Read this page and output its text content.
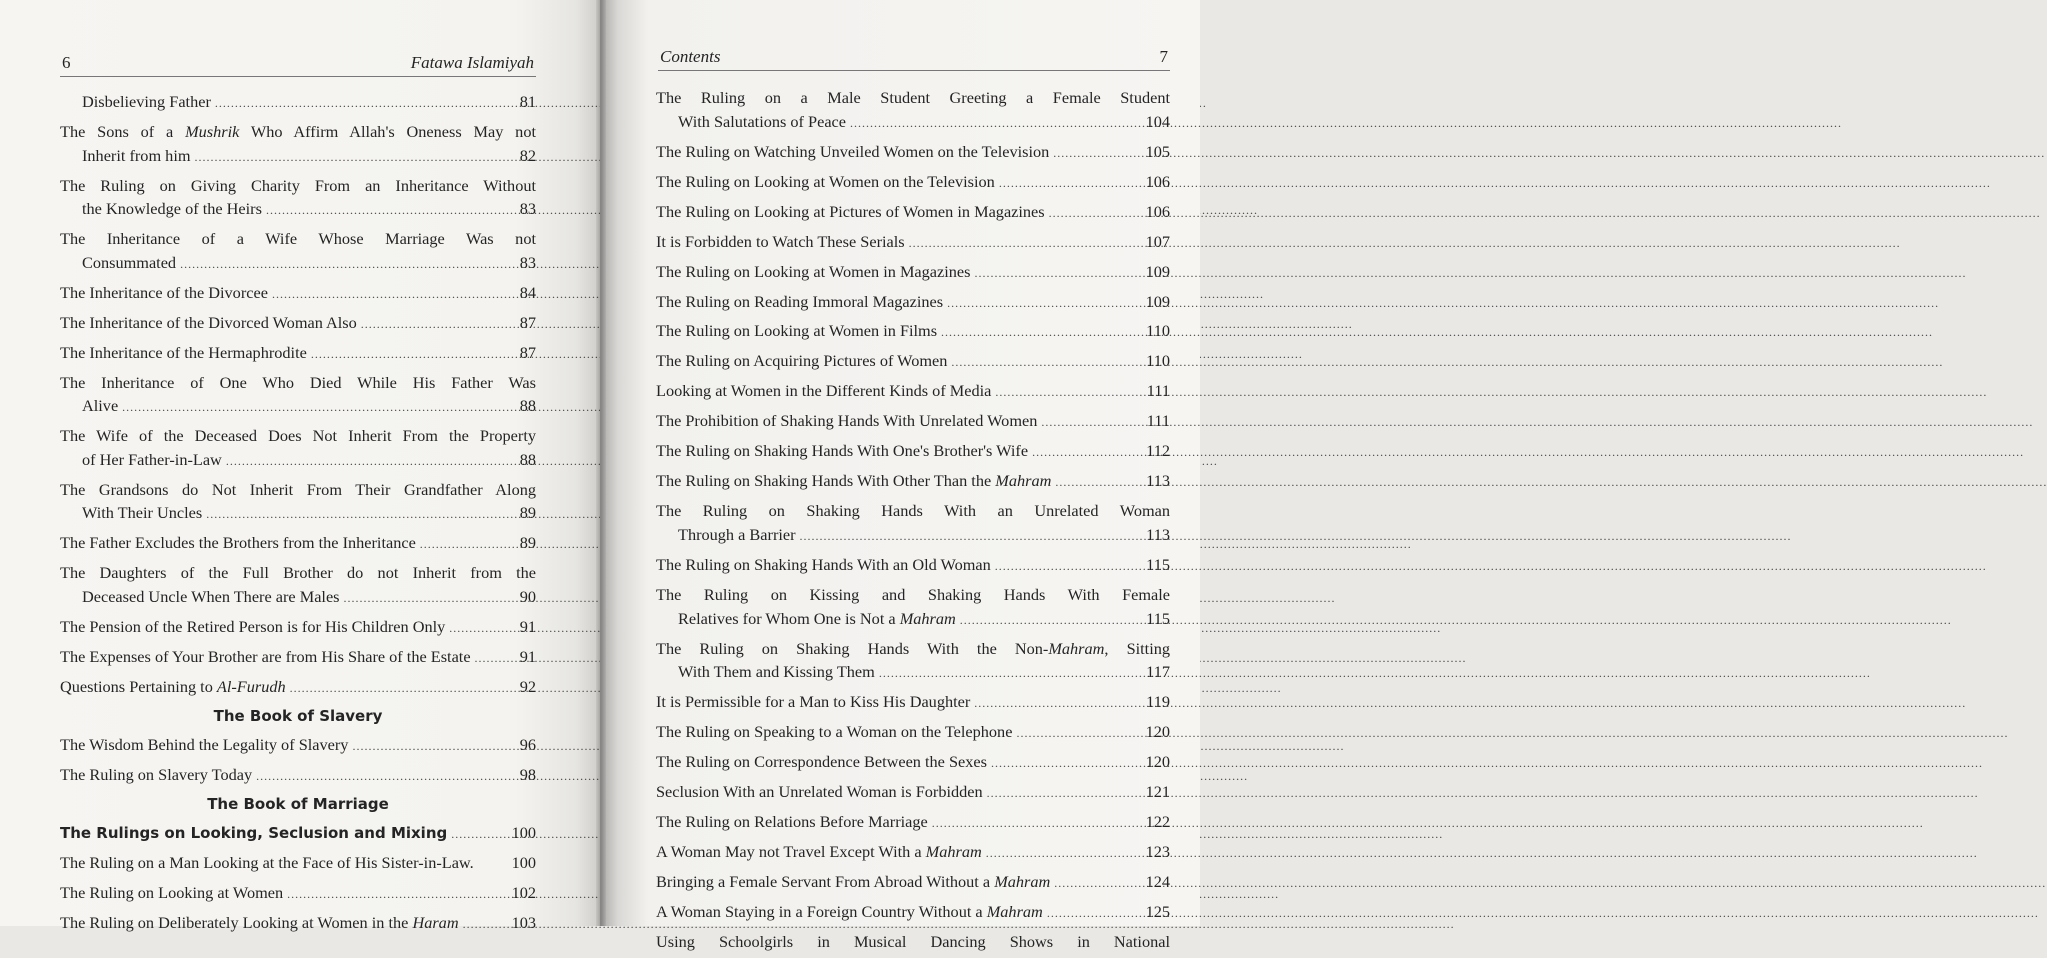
6	Fatawa Islamiyah
Disbelieving Father .....	81
The Sons of a Mushrik Who Affirm Allah's Oneness May not
Inherit from him .....	82
The Ruling on Giving Charity From an Inheritance Without
the Knowledge of the Heirs .....	83
The Inheritance of a Wife Whose Marriage Was not
Consummated .....	83
The Inheritance of the Divorcee .....	84
The Inheritance of the Divorced Woman Also .....	87
The Inheritance of the Hermaphrodite .....	87
The Inheritance of One Who Died While His Father Was
Alive .....	88
The Wife of the Deceased Does Not Inherit From the Property
of Her Father-in-Law .....	88
The Grandsons do Not Inherit From Their Grandfather Along
With Their Uncles .....	89
The Father Excludes the Brothers from the Inheritance .....	89
The Daughters of the Full Brother do not Inherit from the
Deceased Uncle When There are Males .....	90
The Pension of the Retired Person is for His Children Only .....	91
The Expenses of Your Brother are from His Share of the Estate .....	91
Questions Pertaining to Al-Furudh .....	92
The Book of Slavery
The Wisdom Behind the Legality of Slavery .....	96
The Ruling on Slavery Today .....	98
The Book of Marriage
The Rulings on Looking, Seclusion and Mixing .....	100
The Ruling on a Man Looking at the Face of His Sister-in-Law. 100
The Ruling on Looking at Women .....	102
The Ruling on Deliberately Looking at Women in the Haram .....	103
Contents	7
The Ruling on a Male Student Greeting a Female Student
With Salutations of Peace .....	104
The Ruling on Watching Unveiled Women on the Television .....	105
The Ruling on Looking at Women on the Television .....	106
The Ruling on Looking at Pictures of Women in Magazines .....	106
It is Forbidden to Watch These Serials .....	107
The Ruling on Looking at Women in Magazines .....	109
The Ruling on Reading Immoral Magazines .....	109
The Ruling on Looking at Women in Films .....	110
The Ruling on Acquiring Pictures of Women .....	110
Looking at Women in the Different Kinds of Media .....	111
The Prohibition of Shaking Hands With Unrelated Women .....	111
The Ruling on Shaking Hands With One's Brother's Wife .....	112
The Ruling on Shaking Hands With Other Than the Mahram .....	113
The Ruling on Shaking Hands With an Unrelated Woman
Through a Barrier .....	113
The Ruling on Shaking Hands With an Old Woman .....	115
The Ruling on Kissing and Shaking Hands With Female
Relatives for Whom One is Not a Mahram .....	115
The Ruling on Shaking Hands With the Non-Mahram, Sitting
With Them and Kissing Them .....	117
It is Permissible for a Man to Kiss His Daughter .....	119
The Ruling on Speaking to a Woman on the Telephone .....	120
The Ruling on Correspondence Between the Sexes .....	120
Seclusion With an Unrelated Woman is Forbidden .....	121
The Ruling on Relations Before Marriage .....	122
A Woman May not Travel Except With a Mahram .....	123
Bringing a Female Servant From Abroad Without a Mahram .....	124
A Woman Staying in a Foreign Country Without a Mahram .....	125
Using Schoolgirls in Musical Dancing Shows in National
